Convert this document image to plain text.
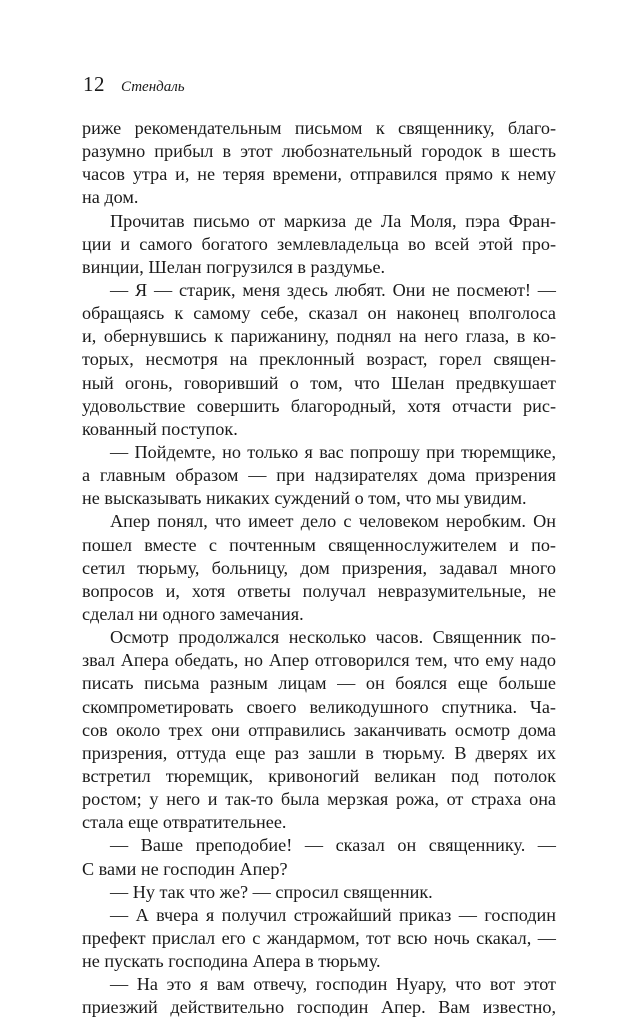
12 Стендаль
риже рекомендательным письмом к священнику, благо-
разумно прибыл в этот любознательный городок в шесть
часов утра и, не теряя времени, отправился прямо к нему
на дом.
Прочитав письмо от маркиза де Ла Моля, пэра Фран-
ции и самого богатого землевладельца во всей этой про-
винции, Шелан погрузился в раздумье.
— Я — старик, меня здесь любят. Они не посмеют! —
обращаясь к самому себе, сказал он наконец вполголоса
и, обернувшись к парижанину, поднял на него глаза, в ко-
торых, несмотря на преклонный возраст, горел священ-
ный огонь, говоривший о том, что Шелан предвкушает
удовольствие совершить благородный, хотя отчасти рис-
кованный поступок.
— Пойдемте, но только я вас попрошу при тюремщике,
а главным образом — при надзирателях дома призрения
не высказывать никаких суждений о том, что мы увидим.
Апер понял, что имеет дело с человеком неробким. Он
пошел вместе с почтенным священнослужителем и по-
сетил тюрьму, больницу, дом призрения, задавал много
вопросов и, хотя ответы получал невразумительные, не
сделал ни одного замечания.
Осмотр продолжался несколько часов. Священник по-
звал Апера обедать, но Апер отговорился тем, что ему надо
писать письма разным лицам — он боялся еще больше
скомпрометировать своего великодушного спутника. Ча-
сов около трех они отправились заканчивать осмотр дома
призрения, оттуда еще раз зашли в тюрьму. В дверях их
встретил тюремщик, кривоногий великан под потолок
ростом; у него и так-то была мерзкая рожа, от страха она
стала еще отвратительнее.
— Ваше преподобие! — сказал он священнику. —
С вами не господин Апер?
— Ну так что же? — спросил священник.
— А вчера я получил строжайший приказ — господин
префект прислал его с жандармом, тот всю ночь скакал, —
не пускать господина Апера в тюрьму.
— На это я вам отвечу, господин Нуару, что вот этот
приезжий действительно господин Апер. Вам известно,
